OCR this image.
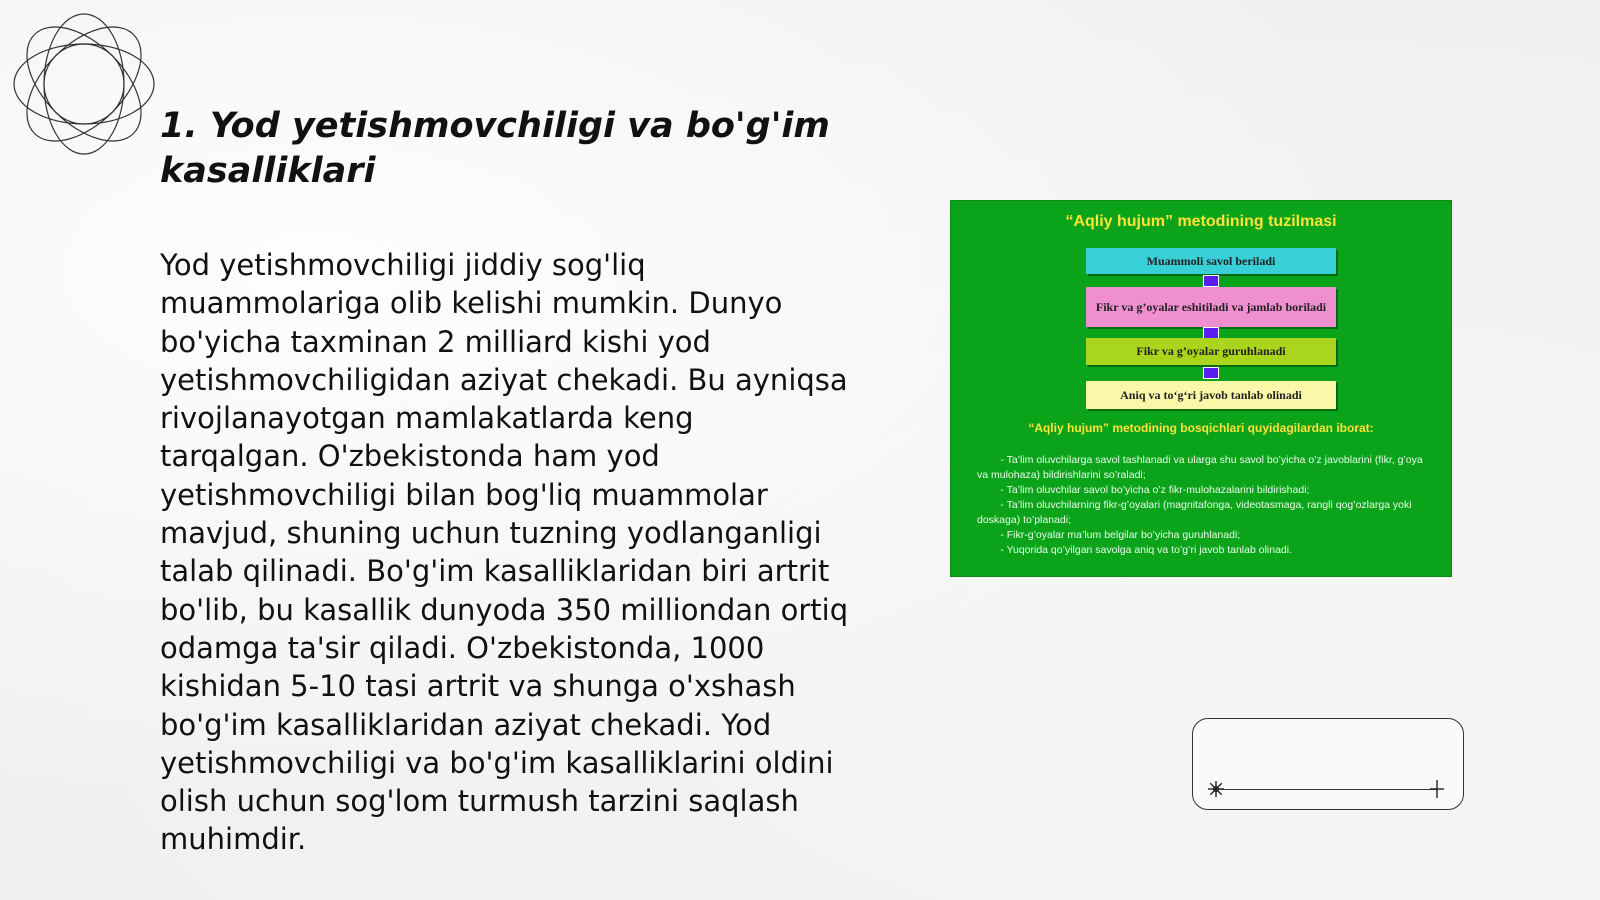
1. Yod yetishmovchiligi va bo'g'im kasalliklari

Yod yetishmovchiligi jiddiy sog'liq muammolariga olib kelishi mumkin. Dunyo bo'yicha taxminan 2 milliard kishi yod yetishmovchiligidan aziyat chekadi. Bu ayniqsa rivojlanayotgan mamlakatlarda keng tarqalgan. O'zbekistonda ham yod yetishmovchiligi bilan bog'liq muammolar mavjud, shuning uchun tuzning yodlanganligi talab qilinadi. Bo'g'im kasalliklaridan biri artrit bo'lib, bu kasallik dunyoda 350 milliondan ortiq odamga ta'sir qiladi. O'zbekistonda, 1000 kishidan 5-10 tasi artrit va shunga o'xshash bo'g'im kasalliklaridan aziyat chekadi. Yod yetishmovchiligi va bo'g'im kasalliklarini oldini olish uchun sog'lom turmush tarzini saqlash muhimdir.

“Aqliy hujum” metodining tuzilmasi
Muammoli savol beriladi
Fikr va g’oyalar eshitiladi va jamlab boriladi
Fikr va g’oyalar guruhlanadi
Aniq va to‘g‘ri javob tanlab olinadi
“Aqliy hujum” metodining bosqichlari quyidagilardan iborat:
- Ta’lim oluvchilarga savol tashlanadi va ularga shu savol bo’yicha o’z javoblarini (fikr, g’oya va mulohaza) bildirishlarini so’raladi;
- Ta’lim oluvchilar savol bo’yicha o’z fikr-mulohazalarini bildirishadi;
- Ta’lim oluvchilarning fikr-g’oyalari (magnitafonga, videotasmaga, rangli qog’ozlarga yoki doskaga) to’planadi;
- Fikr-g’oyalar ma’lum belgilar bo’yicha guruhlanadi;
- Yuqorida qo’yilgan savolga aniq va to’g’ri javob tanlab olinadi.
